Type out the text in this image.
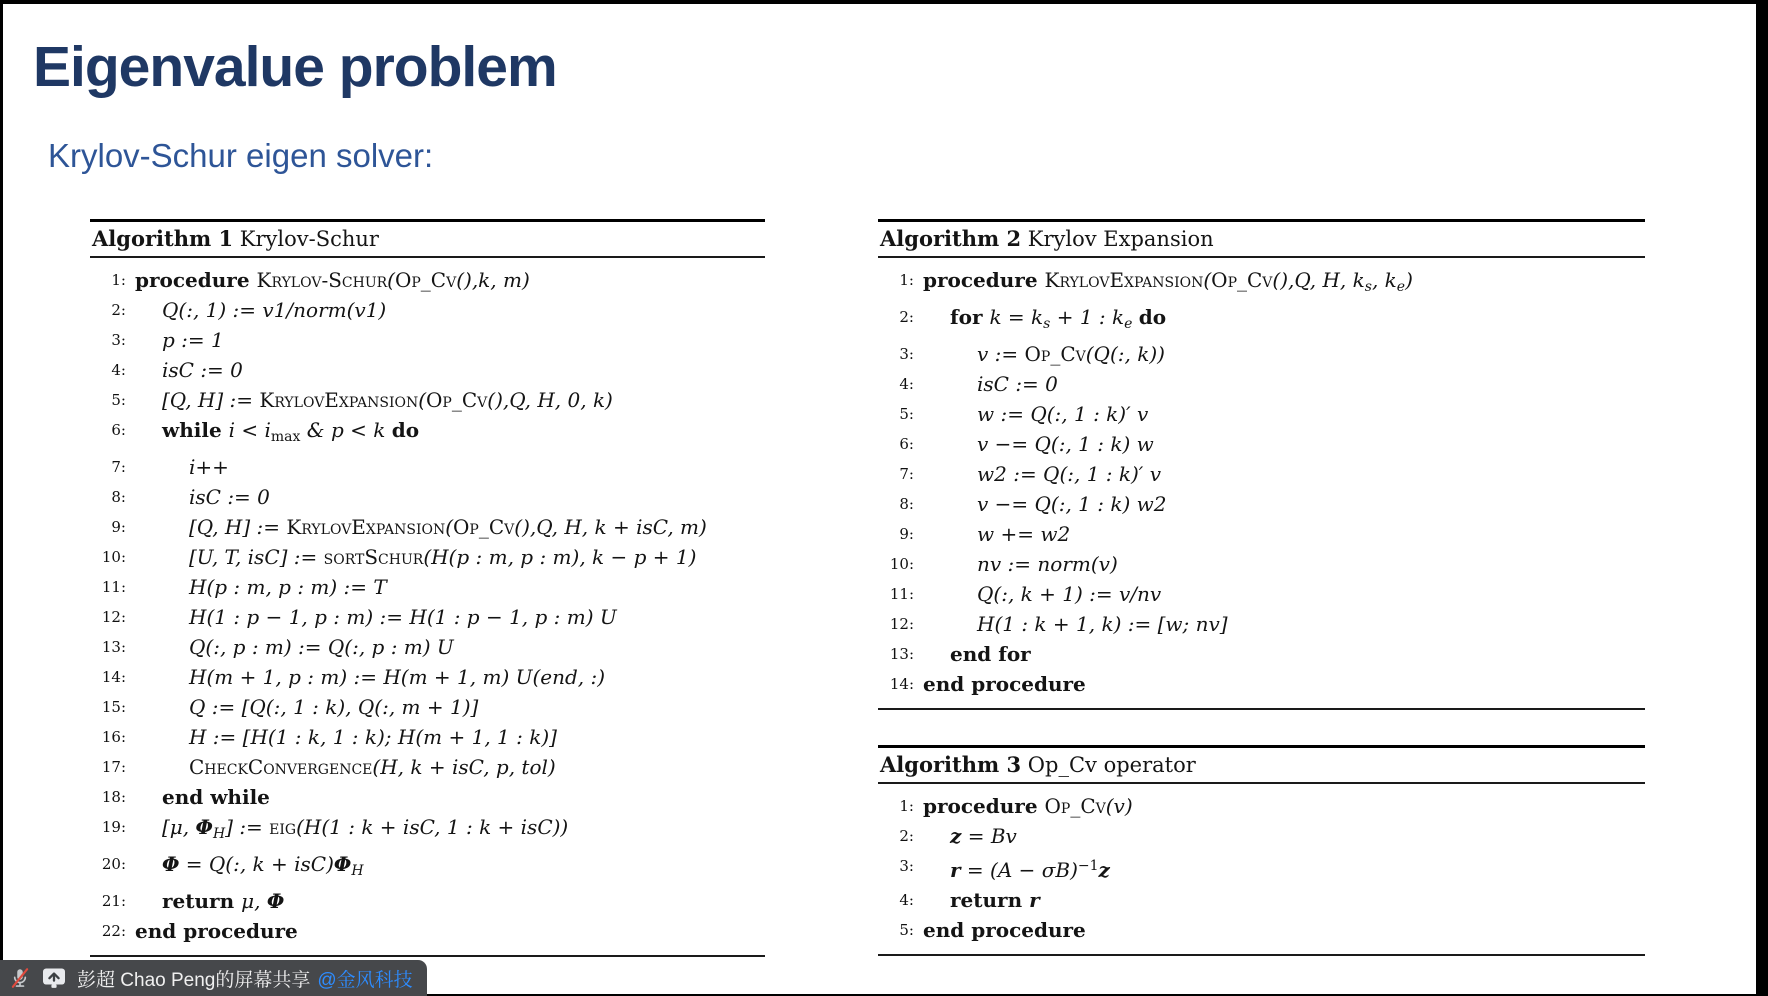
Eigenvalue problem
Krylov-Schur eigen solver:
Algorithm 1 Krylov-Schur
1: procedure Krylov-Schur(Op_Cv(),k, m)
2:	Q(:, 1) := v1/norm(v1)
3:	p := 1
4:	isC := 0
5:	[Q, H] := KrylovExpansion(Op_Cv(),Q, H, 0, k)
6:	while i < imax & p < k do
7:	i++
8:	isC := 0
9:	[Q, H] := KrylovExpansion(Op_Cv(),Q, H, k + isC, m)
10:	[U, T, isC] := sortSchur(H(p : m, p : m), k − p + 1)
11:	H(p : m, p : m) := T
12:	H(1 : p − 1, p : m) := H(1 : p − 1, p : m) U
13:	Q(:, p : m) := Q(:, p : m) U
14:	H(m + 1, p : m) := H(m + 1, m) U(end, :)
15:	Q := [Q(:, 1 : k), Q(:, m + 1)]
16:	H := [H(1 : k, 1 : k); H(m + 1, 1 : k)]
17:	CheckConvergence(H, k + isC, p, tol)
18:	end while
19:	[μ, ΦH] := eig(H(1 : k + isC, 1 : k + isC))
20:	Φ = Q(:, k + isC)ΦH
21:	return μ, Φ
22: end procedure
Algorithm 2 Krylov Expansion
1: procedure KrylovExpansion(Op_Cv(),Q, H, ks, ke)
2:	for k = ks + 1 : ke do
3:	v := Op_Cv(Q(:, k))
4:	isC := 0
5:	w := Q(:, 1 : k)′ v
6:	v −= Q(:, 1 : k) w
7:	w2 := Q(:, 1 : k)′ v
8:	v −= Q(:, 1 : k) w2
9:	w += w2
10:	nv := norm(v)
11:	Q(:, k + 1) := v/nv
12:	H(1 : k + 1, k) := [w; nv]
13:	end for
14: end procedure
Algorithm 3 Op_Cv operator
1: procedure Op_Cv(v)
2:	z = Bv
3:	$r = (A - \sigma B)^{-1}z$
4:	return r
5: end procedure
彭超 Chao Peng的屏幕共享 @金风科技
